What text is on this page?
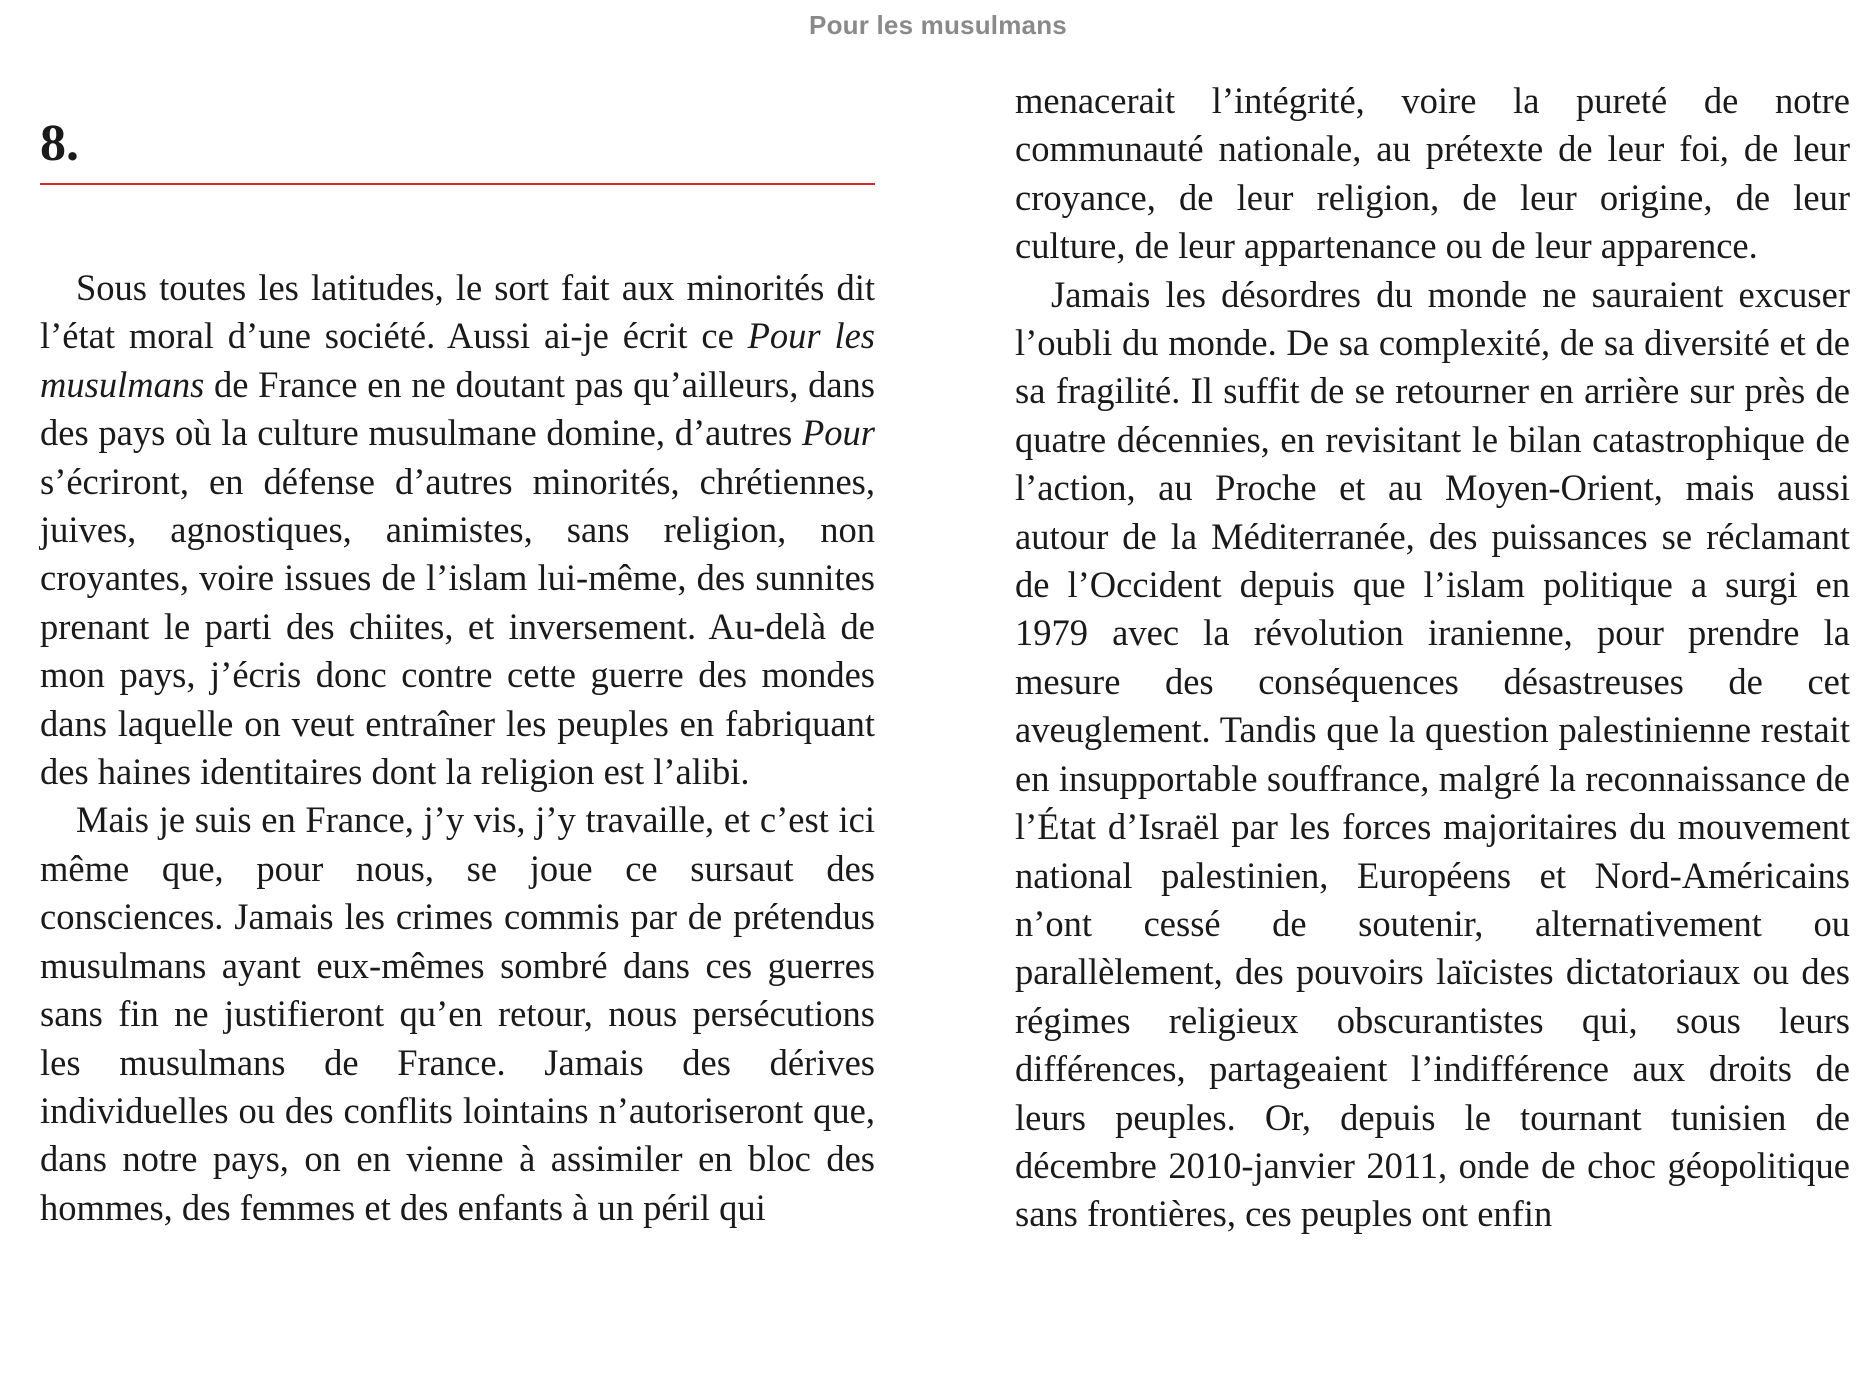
Pour les musulmans
8.

Sous toutes les latitudes, le sort fait aux minorités dit l’état moral d’une société. Aussi ai-je écrit ce Pour les musulmans de France en ne doutant pas qu’ailleurs, dans des pays où la culture musulmane domine, d’autres Pour s’écriront, en défense d’autres minorités, chrétiennes, juives, agnostiques, animistes, sans religion, non croyantes, voire issues de l’islam lui-même, des sunnites prenant le parti des chiites, et inversement. Au-delà de mon pays, j’écris donc contre cette guerre des mondes dans laquelle on veut entraîner les peuples en fabriquant des haines identitaires dont la religion est l’alibi.

Mais je suis en France, j’y vis, j’y travaille, et c’est ici même que, pour nous, se joue ce sursaut des consciences. Jamais les crimes commis par de prétendus musulmans ayant eux-mêmes sombré dans ces guerres sans fin ne justifieront qu’en retour, nous persécutions les musulmans de France. Jamais des dérives individuelles ou des conflits lointains n’autoriseront que, dans notre pays, on en vienne à assimiler en bloc des hommes, des femmes et des enfants à un péril qui

menacerait l’intégrité, voire la pureté de notre communauté nationale, au prétexte de leur foi, de leur croyance, de leur religion, de leur origine, de leur culture, de leur appartenance ou de leur apparence.

Jamais les désordres du monde ne sauraient excuser l’oubli du monde. De sa complexité, de sa diversité et de sa fragilité. Il suffit de se retourner en arrière sur près de quatre décennies, en revisitant le bilan catastrophique de l’action, au Proche et au Moyen-Orient, mais aussi autour de la Méditerranée, des puissances se réclamant de l’Occident depuis que l’islam politique a surgi en 1979 avec la révolution iranienne, pour prendre la mesure des conséquences désastreuses de cet aveuglement. Tandis que la question palestinienne restait en insupportable souffrance, malgré la reconnaissance de l’État d’Israël par les forces majoritaires du mouvement national palestinien, Européens et Nord-Américains n’ont cessé de soutenir, alternativement ou parallèlement, des pouvoirs laïcistes dictatoriaux ou des régimes religieux obscurantistes qui, sous leurs différences, partageaient l’indifférence aux droits de leurs peuples. Or, depuis le tournant tunisien de décembre 2010-janvier 2011, onde de choc géopolitique sans frontières, ces peuples ont enfin
